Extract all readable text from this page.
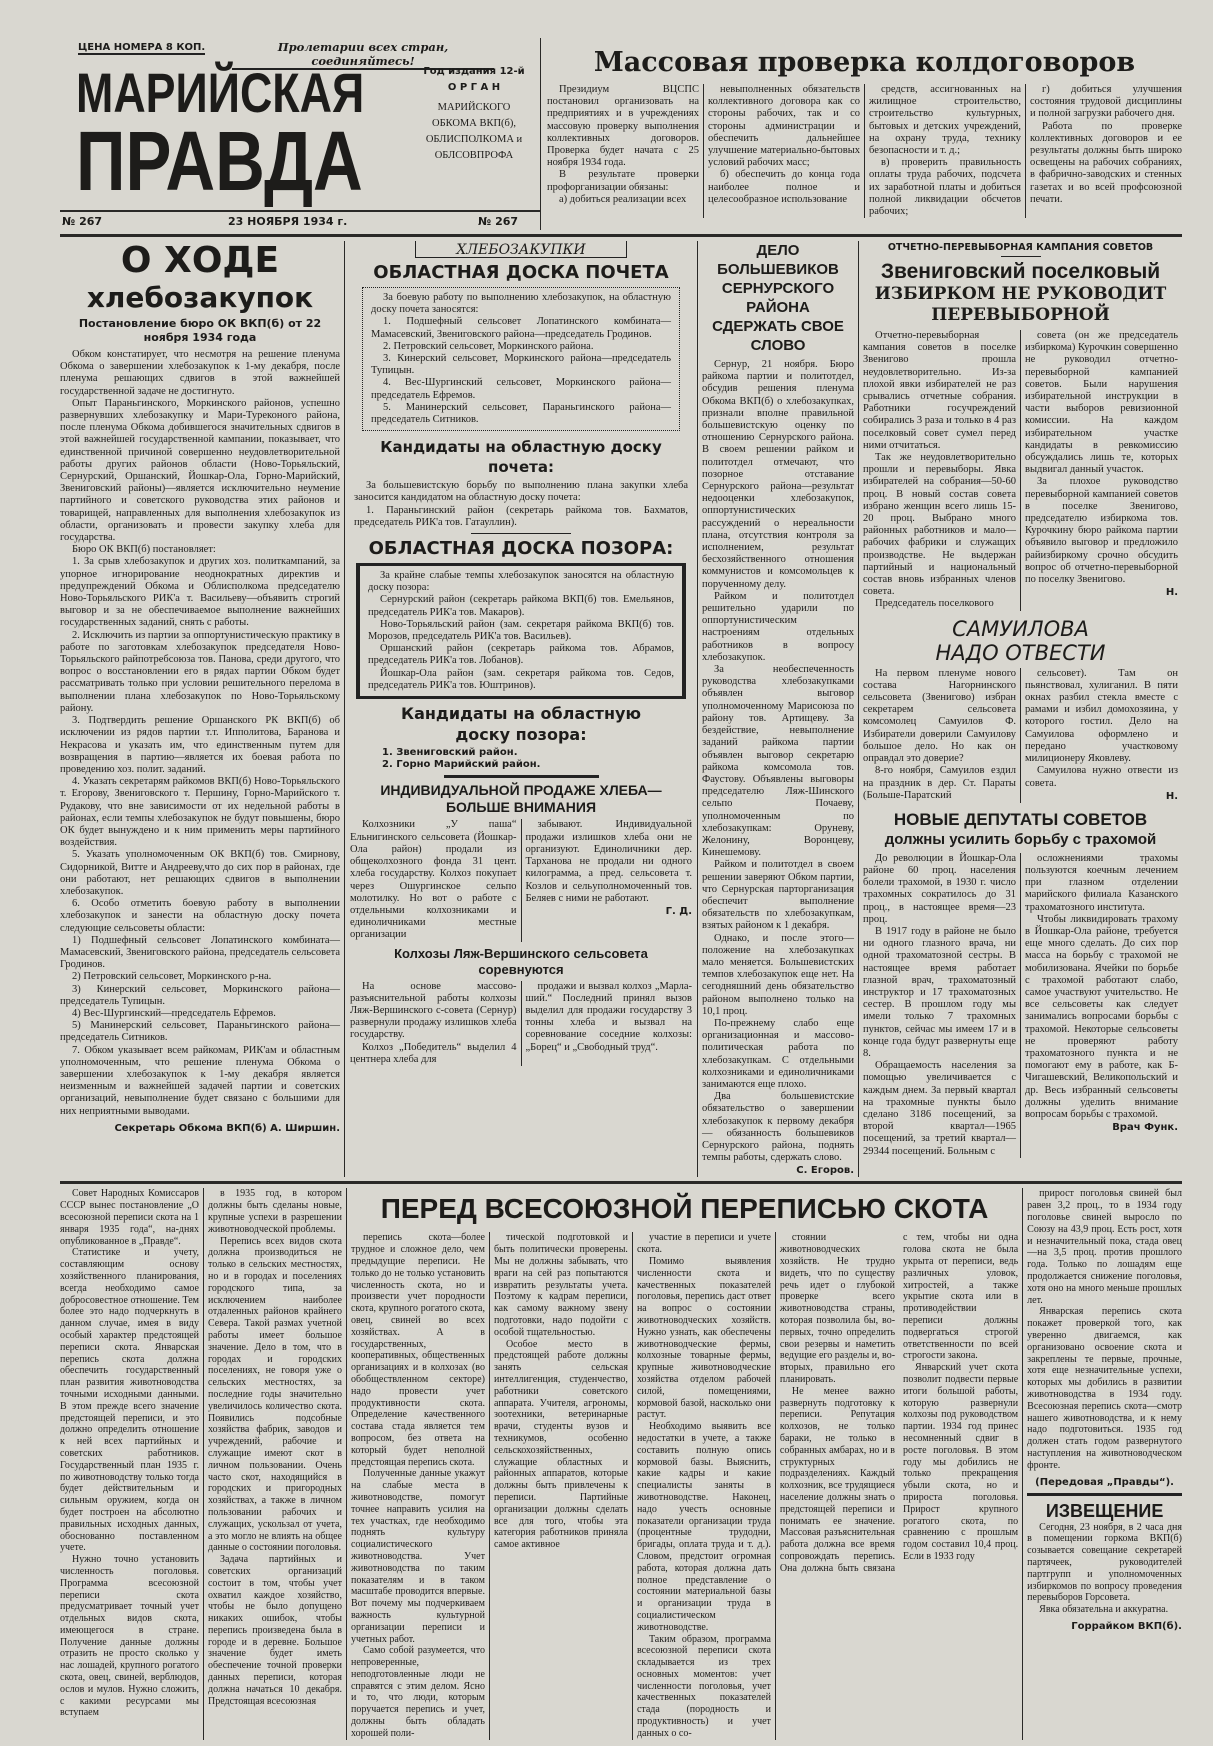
ЦЕНА НОМЕРА 8 КОП.	Пролетарии всех стран, соединяйтесь!
МАРИЙСКАЯ
ПРАВДА
Год издания 12-й
О Р Г А Н
МАРИЙСКОГО
ОБКОМА ВКП(б),
ОБЛИСПОЛКОМА и
ОБЛСОВПРОФА
№ 267	23 НОЯБРЯ 1934 г.	№ 267
Массовая проверка колдоговоров

Президиум ВЦСПС постановил организовать на предприятиях и в учреждениях массовую проверку выполнения коллективных договоров. Проверка будет начата с 25 ноября 1934 года.

В результате проверки профорганизации обязаны:

а) добиться реализации всех

невыполненных обязательств коллективного договора как со стороны рабочих, так и со стороны администрации и обеспечить дальнейшее улучшение материально-бытовых условий рабочих масс;

б) обеспечить до конца года наиболее полное и целесообразное использование

средств, ассигнованных на жилищное строительство, строительство культурных, бытовых и детских учреждений, на охрану труда, технику безопасности и т. д.;

в) проверить правильность оплаты труда рабочих, подсчета их заработной платы и добиться полной ликвидации обсчетов рабочих;

г) добиться улучшения состояния трудовой дисциплины и полной загрузки рабочего дня.

Работа по проверке коллективных договоров и ее результаты должны быть широко освещены на рабочих собраниях, в фабрично-заводских и стенных газетах и во всей профсоюзной печати.

О ХОДЕ
хлебозакупок
Постановление бюро ОК ВКП(б) от 22 ноября 1934 года

Обком констатирует, что несмотря на решение пленума Обкома о завершении хлебозакупок к 1-му декабря, после пленума решающих сдвигов в этой важнейшей государственной задаче не достигнуто.

Опыт Параньгинского, Моркинского районов, успешно развернувших хлебозакупку и Мари-Туреконого района, после пленума Обкома добившегося значительных сдвигов в этой важнейшей государственной кампании, показывает, что единственной причиной совершенно неудовлетворительной работы других районов области (Ново-Торьяльский, Сернурский, Оршанский, Йошкар-Ола, Горно-Марийский, Звениговский районы)—является исключительно неумение партийного и советского руководства этих районов и товарищей, направленных для выполнения хлебозакупок из области, организовать и провести закупку хлеба для государства.

Бюро ОК ВКП(б) постановляет:

1. За срыв хлебозакупок и других хоз. политкампаний, за упорное игнорирование неоднократных директив и предупреждений Обкома и Облисполкома председателю Ново-Торьяльского РИК'а т. Васильеву—объявить строгий выговор и за не обеспечиваемое выполнение важнейших государственных заданий, снять с работы.

2. Исключить из партии за оппортунистическую практику в работе по заготовкам хлебозакупок председателя Ново-Торьяльского райпотребсоюза тов. Панова, среди другого, что вопрос о восстановлении его в рядах партии Обком будет рассматривать только при условии решительного перелома в выполнении плана хлебозакупок по Ново-Торьяльскому району.

3. Подтвердить решение Оршанского РК ВКП(б) об исключении из рядов партии т.т. Ипполитова, Баранова и Некрасова и указать им, что единственным путем для возвращения в партию—является их боевая работа по проведению хоз. полит. заданий.

4. Указать секретарям райкомов ВКП(б) Ново-Торьяльского т. Егорову, Звениговского т. Першину, Горно-Марийского т. Рудакову, что вне зависимости от их недельной работы в районах, если темпы хлебозакупок не будут повышены, бюро ОК будет вынуждено и к ним применить меры партийного воздействия.

5. Указать уполномоченным ОК ВКП(б) тов. Смирнову, Сидорникой, Витте и Андрееву,что до сих пор в районах, где они работают, нет решающих сдвигов в выполнении хлебозакупок.

6. Особо отметить боевую работу в выполнении хлебозакупок и занести на областную доску почета следующие сельсоветы области:

1) Подшефный сельсовет Лопатинского комбината—Мамасевский, Звениговского района, председатель сельсовета Гродинов.

2) Петровский сельсовет, Моркинского р-на.

3) Кинерский сельсовет, Моркинского района—председатель Тупицын.

4) Вес-Шургинский—председатель Ефремов.

5) Манинерский сельсовет, Параньгинского района—председатель Ситников.

7. Обком указывает всем райкомам, РИК'ам и областным уполномоченным, что решение пленума Обкома о завершении хлебозакупок к 1-му декабря является неизменным и важнейшей задачей партии и советских организаций, невыполнение будет связано с большими для них неприятными выводами.

Секретарь Обкома ВКП(б) А. Ширшин.
ХЛЕБОЗАКУПКИ
ОБЛАСТНАЯ ДОСКА ПОЧЕТА

За боевую работу по выполнению хлебозакупок, на областную доску почета заносятся:

1. Подшефный сельсовет Лопатинского комбината—Мамасевский, Звениговского района—председатель Гродинов.

2. Петровский сельсовет, Моркинского района.

3. Кинерский сельсовет, Моркинского района—председатель Тупицын.

4. Вес-Шургинский сельсовет, Моркинского района—председатель Ефремов.

5. Манинерский сельсовет, Параньгинского района—председатель Ситников.

Кандидаты на областную доску почета:

За большевистскую борьбу по выполнению плана закупки хлеба заносится кандидатом на областную доску почета:

1. Параньгинский район (секретарь райкома тов. Бахматов, председатель РИК'а тов. Гатауллин).

ОБЛАСТНАЯ ДОСКА ПОЗОРА:

За крайне слабые темпы хлебозакупок заносятся на областную доску позора:

Сернурский район (секретарь райкома ВКП(б) тов. Емельянов, председатель РИК'а тов. Макаров).

Ново-Торьяльский район (зам. секретаря райкома ВКП(б) тов. Морозов, председатель РИК'а тов. Васильев).

Оршанский район (секретарь райкома тов. Абрамов, председатель РИК'а тов. Лобанов).

Йошкар-Ола район (зам. секретаря райкома тов. Седов, председатель РИК'а тов. Юштринов).

Кандидаты на областную доску позора:

1. Звениговский район.

2. Горно Марийский район.

ИНДИВИДУАЛЬНОЙ ПРОДАЖЕ ХЛЕБА— БОЛЬШЕ ВНИМАНИЯ

Колхозники „У паша“ Ельнигинского сельсовета (Йошкар-Ола район) продали из общеколхозного фонда 31 цент. хлеба государству. Колхоз покупает через Ошургинское сельпо молотилку. Но вот о работе с отдельными колхозниками и единоличниками местные организации

забывают. Индивидуальной продажи излишков хлеба они не организуют. Единоличники дер. Тарханова не продали ни одного килограмма, а пред. сельсовета т. Козлов и сельуполномоченный тов. Беляев с ними не работают.

Г. Д.
Колхозы Ляж-Вершинского сельсовета соревнуются

На основе массово-разъяснительной работы колхозы Ляж-Вершинского с-совета (Сернур) развернули продажу излишков хлеба государству.

Колхоз „Победитель“ выделил 4 центнера хлеба для

продажи и вызвал колхоз „Марла-ший.“ Последний принял вызов выделил для продажи государству 3 тонны хлеба и вызвал на соревнование соседние колхозы: „Борец“ и „Свободный труд“.

ДЕЛО БОЛЬШЕВИКОВ СЕРНУРСКОГО РАЙОНА СДЕРЖАТЬ СВОЕ СЛОВО

Сернур, 21 ноября. Бюро райкома партии и политотдел, обсудив решения пленума Обкома ВКП(б) о хлебозакупках, признали вполне правильной большевистскую оценку по отношению Сернурского района. В своем решении райком и политотдел отмечают, что позорное отставание Сернурского района—результат недооценки хлебозакупок, оппортунистических рассуждений о нереальности плана, отсутствия контроля за исполнением, результат бесхозяйственного отношения коммунистов и комсомольцев к порученному делу.

Райком и политотдел решительно ударили по оппортунистическим настроениям отдельных работников в вопросу хлебозакупок.

За необеспеченность руководства хлебозакупками объявлен выговор уполномоченному Марисоюза по району тов. Артищеву. За бездействие, невыполнение заданий райкома партии объявлен выговор секретарю райкома комсомола тов. Фаустову. Объявлены выговоры председателю Ляж-Шинского сельпо Почаеву, уполномоченным по хлебозакупкам: Оруневу, Желонину, Воронцеву, Кинешемову.

Райком и политотдел в своем решении заверяют Обком партии, что Сернурская парторганизация обеспечит выполнение обязательств по хлебозакупкам, взятых районом к 1 декабря.

Однако, и после этого—положение на хлебозакупках мало меняется. Большевистских темпов хлебозакупок еще нет. На сегодняшний день обязательство районом выполнено только на 10,1 проц.

По-прежнему слабо еще организационная и массово-политическая работа по хлебозакупкам. С отдельными колхозниками и единоличниками занимаются еще плохо.

Два большевистские обязательство о завершении хлебозакупок к первому декабря — обязанность большевиков Сернурского района, поднять темпы работы, сдержать слово.

С. Егоров.
ОТЧЕТНО-ПЕРЕВЫБОРНАЯ КАМПАНИЯ СОВЕТОВ
Звениговский поселковый
ИЗБИРКОМ НЕ РУКОВОДИТ ПЕРЕВЫБОРНОЙ

Отчетно-перевыборная кампания советов в поселке Звенигово прошла неудовлетворительно. Из-за плохой явки избирателей не раз срывались отчетные собрания. Работники госучреждений собирались 3 раза и только в 4 раз поселковый совет сумел перед ними отчитаться.

Так же неудовлетворительно прошли и перевыборы. Явка избирателей на собрания—50-60 проц. В новый состав совета избрано женщин всего лишь 15-20 проц. Выбрано много районных работников и мало—рабочих фабрики и служащих производстве. Не выдержан партийный и национальный состав вновь избранных членов совета.

Председатель поселкового

совета (он же председатель избиркома) Курочкин совершенно не руководил отчетно-перевыборной кампанией советов. Были нарушения избирательной инструкции в части выборов ревизионной комиссии. На каждом избирательном участке кандидаты в ревкомиссию обсуждались лишь те, которых выдвигал данный участок.

За плохое руководство перевыборной кампанией советов в поселке Звенигово, председателю избиркома тов. Курочкину бюро райкома партии объявило выговор и предложило райизбиркому срочно обсудить вопрос об отчетно-перевыборной по поселку Звенигово.

Н.
САМУИЛОВА
НАДО ОТВЕСТИ

На первом пленуме нового состава Нагорнинского сельсовета (Звенигово) избран секретарем сельсовета комсомолец Самуилов Ф. Избиратели доверили Самуилову большое дело. Но как он оправдал это доверие?

8-го ноября, Самуилов ездил на праздник в дер. Ст. Параты (Больше-Паратский

сельсовет). Там он пьянствовал, хулиганил. В пяти окнах разбил стекла вместе с рамами и избил домохозяина, у которого гостил. Дело на Самуилова оформлено и передано участковому милиционеру Яковлеву.

Самуилова нужно отвести из совета.

Н.
НОВЫЕ ДЕПУТАТЫ СОВЕТОВ
должны усилить борьбу с трахомой

До революции в Йошкар-Ола районе 60 проц. населения болели трахомой, в 1930 г. число трахомных сократилось до 31 проц., в настоящее время—23 проц.

В 1917 году в районе не было ни одного глазного врача, ни одной трахоматозной сестры. В настоящее время работает глазной врач, трахоматозный инструктор и 17 трахоматозных сестер. В прошлом году мы имели только 7 трахомных пунктов, сейчас мы имеем 17 и в конце года будут развернуты еще 8.

Обращаемость населения за помощью увеличивается с каждым днем. За первый квартал на трахомные пункты было сделано 3186 посещений, за второй квартал—1965 посещений, за третий квартал—29344 посещений. Больным с

осложнениями трахомы пользуются коечным лечением при глазном отделении марийского филиала Казанского трахоматозного института.

Чтобы ликвидировать трахому в Йошкар-Ола районе, требуется еще много сделать. До сих пор масса на борьбу с трахомой не мобилизована. Ячейки по борьбе с трахомой работают слабо, самое участвуют учительство. Не все сельсоветы как следует занимались вопросами борьбы с трахомой. Некоторые сельсоветы не проверяют работу трахоматозного пункта и не помогают ему в работе, как Б-Чигашевский, Великопольский и др. Весь избранный сельсоветы должны уделить внимание вопросам борьбы с трахомой.

Врач Функ.

Совет Народных Комиссаров СССР вынес постановление „О всесоюзной переписи скота на 1 января 1935 года“, на-днях опубликованное в „Правде“.

Статистике и учету, составляющим основу хозяйственного планирования, всегда необходимо самое добросовестное отношение. Тем более это надо подчеркнуть в данном случае, имея в виду особый характер предстоящей переписи скота. Январская перепись скота должна обеспечить государственный план развития животноводства точными исходными данными. В этом прежде всего значение предстоящей переписи, и это должно определить отношение к ней всех партийных и советских работников. Государственный план 1935 г. по животноводству только тогда будет действительным и сильным оружием, когда он будет построен на абсолютно правильных исходных данных, обоснованно поставленном учете.

Нужно точно установить численность поголовья. Программа всесоюзной переписи скота предусматривает точный учет отдельных видов скота, имеющегося в стране. Получение данные должны отразить не просто сколько у нас лошадей, крупного рогатого скота, овец, свиней, верблюдов, ослов и мулов. Нужно сложить, с какими ресурсами мы вступаем

в 1935 год, в котором должны быть сделаны новые, крупные успехи в разрешении животноводческой проблемы.

Перепись всех видов скота должна производиться не только в сельских местностях, но и в городах и поселениях городского типа, за исключением наиболее отдаленных районов крайнего Севера. Такой размах учетной работы имеет большое значение. Дело в том, что в городах и городских поселениях, не говоря уже о сельских местностях, за последние годы значительно увеличилось количество скота. Появились подсобные хозяйства фабрик, заводов и учреждений, рабочие и служащие имеют скот в личном пользовании. Очень часто скот, находящийся в городских и пригородных хозяйствах, а также в личном пользовании рабочих и служащих, ускользал от учета, а это могло не влиять на общее данные о состоянии поголовья.

Задача партийных и советских организаций состоит в том, чтобы учет охватил каждое хозяйство, чтобы не было допущено никаких ошибок, чтобы перепись произведена была в городе и в деревне. Большое значение будет иметь обеспечение точной проверки данных переписи, которая должна начаться 10 декабря. Предстоящая всесоюзная

ПЕРЕД ВСЕСОЮЗНОЙ ПЕРЕПИСЬЮ СКОТА

перепись скота—более трудное и сложное дело, чем предыдущие переписи. Не только до не только установить численность скота, но и произвести учет породности скота, крупного рогатого скота, овец, свиней во всех хозяйствах. А в государственных, кооперативных, общественных организациях и в колхозах (во обобществленном секторе) надо провести учет продуктивности скота. Определение качественного состава стада является тем вопросом, без ответа на который будет неполной предстоящая перепись скота.

Полученные данные укажут на слабые места в животноводстве, помогут точнее направить усилия на тех участках, где необходимо поднять культуру социалистического животноводства. Учет животноводства по таким показателям и в таком масштабе проводится впервые. Вот почему мы подчеркиваем важность культурной организации переписи и учетных работ.

Само собой разумеется, что непроверенные, неподготовленные люди не справятся с этим делом. Ясно и то, что люди, которым поручается перепись и учет, должны быть обладать хорошей поли-

тической подготовкой и быть политически проверены. Мы не должны забывать, что враги на сей раз попытаются извратить результаты учета. Поэтому к кадрам переписи, как самому важному звену подготовки, надо подойти с особой тщательностью.

Особое место в предстоящей работе должны занять сельская интеллигенция, студенчество, работники советского аппарата. Учителя, агрономы, зоотехники, ветеринарные врачи, студенты вузов и техникумов, особенно сельскохозяйственных, служащие областных и районных аппаратов, которые должны быть привлечены к переписи. Партийные организации должны сделать все для того, чтобы эта категория работников приняла самое активное

участие в переписи и учете скота.

Помимо выявления численности скота и качественных показателей поголовья, перепись даст ответ на вопрос о состоянии животноводческих хозяйств. Нужно узнать, как обеспечены животноводческие фермы, колхозные товарные фермы, крупные животноводческие хозяйства отделом рабочей силой, помещениями, кормовой базой, насколько они растут.

Необходимо выявить все недостатки в учете, а также составить полную опись кормовой базы. Выяснить, какие кадры и какие специалисты заняты в животноводстве. Наконец, надо учесть основные показатели организации труда (процентные трудодни, бригады, оплата труда и т. д.). Словом, предстоит огромная работа, которая должна дать полное представление о состоянии материальной базы и организации труда в социалистическом животноводстве.

Таким образом, программа всесоюзной переписи скота складывается из трех основных моментов: учет численности поголовья, учет качественных показателей стада (породность и продуктивность) и учет данных о со-

стоянии животноводческих хозяйств. Не трудно видеть, что по существу речь идет о глубокой проверке всего животноводства страны, которая позволила бы, во-первых, точно определить свои резервы и наметить ведущие его разделы и, во-вторых, правильно его планировать.

Не менее важно развернуть подготовку к переписи. Репутация колхозов, не только бараки, не только в собранных амбарах, но и в структурных подразделениях. Каждый колхозник, все трудящиеся население должны знать о предстоящей переписи и понимать ее значение. Массовая разъяснительная работа должна все время сопровождать перепись. Она должна быть связана с тем, чтобы ни одна голова скота не была укрыта от переписи, ведь различных уловок, хитростей, а также укрытие скота или в противодействии переписи должны подвергаться строгой ответственности по всей строгости закона.

Январский учет скота позволит подвести первые итоги большой работы, которую развернули колхозы под руководством партии. 1934 год принес несомненный сдвиг в росте поголовья. В этом году мы добились не только прекращения убыли скота, но и прироста поголовья. Прирост крупного рогатого скота, по сравнению с прошлым годом составил 10,4 проц. Если в 1933 году

прирост поголовья свиней был равен 3,2 проц., то в 1934 году поголовье свиней выросло по Союзу на 43,9 проц. Есть рост, хотя и незначительный пока, стада овец—на 3,5 проц. против прошлого года. Только по лошадям еще продолжается снижение поголовья, хотя оно на много меньше прошлых лет.

Январская перепись скота покажет проверкой того, как уверенно двигаемся, как организовано освоение скота и закреплены те первые, прочные, хотя еще незначительные успехи, которых мы добились в развитии животноводства в 1934 году. Всесоюзная перепись скота—смотр нашего животноводства, и к нему надо подготовиться. 1935 год должен стать годом развернутого наступления на животноводческом фронте.

(Передовая „Правды“).
ИЗВЕЩЕНИЕ

Сегодня, 23 ноября, в 2 часа дня в помещении горкома ВКП(б) созывается совещание секретарей партячеек, руководителей партгрупп и уполномоченных избиркомов по вопросу проведения перевыборов Горсовета.

Явка обязательна и аккуратна.

Горрайком ВКП(б).
